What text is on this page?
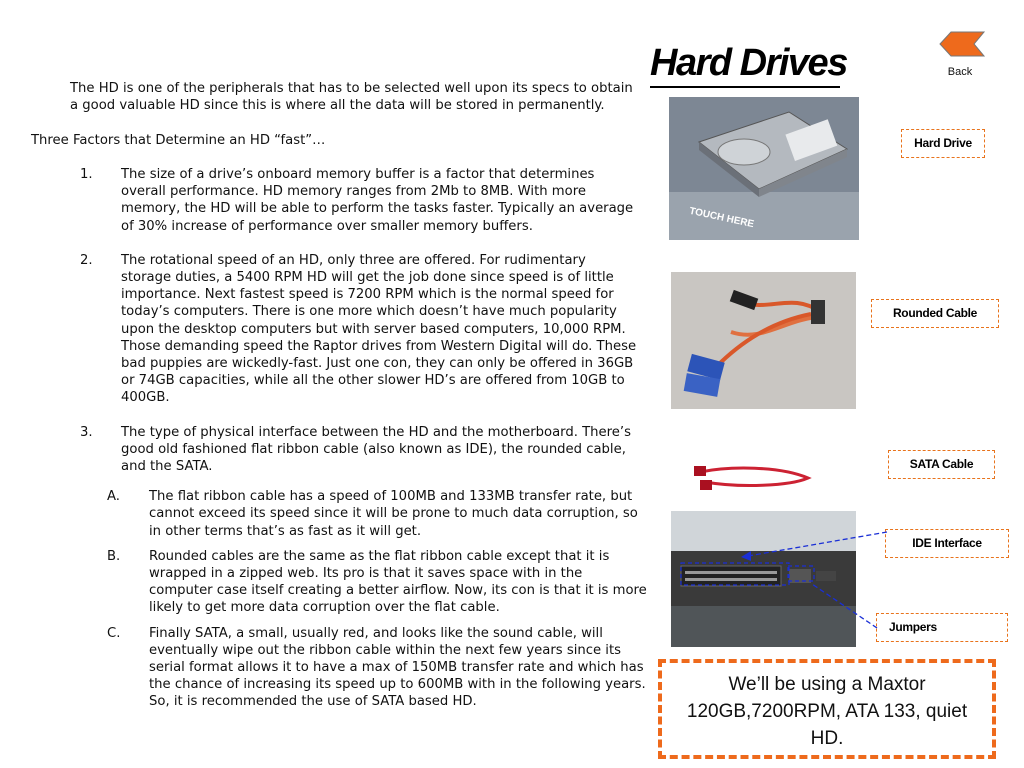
Hard Drives	Back
The HD is one of the peripherals that has to be selected well upon its specs to obtain a good valuable HD since this is where all the data will be stored in permanently.
Three Factors that Determine an HD “fast”…
1. The size of a drive’s onboard memory buffer is a factor that determines overall performance. HD memory ranges from 2Mb to 8MB. With more memory, the HD will be able to perform the tasks faster. Typically an average of 30% increase of performance over smaller memory buffers.
2. The rotational speed of an HD, only three are offered. For rudimentary storage duties, a 5400 RPM HD will get the job done since speed is of little importance. Next fastest speed is 7200 RPM which is the normal speed for today’s computers. There is one more which doesn’t have much popularity upon the desktop computers but with server based computers, 10,000 RPM. Those demanding speed the Raptor drives from Western Digital will do. These bad puppies are wickedly-fast. Just one con, they can only be offered in 36GB or 74GB capacities, while all the other slower HD’s are offered from 10GB to 400GB.
3. The type of physical interface between the HD and the motherboard. There’s good old fashioned flat ribbon cable (also known as IDE), the rounded cable, and the SATA.
A. The flat ribbon cable has a speed of 100MB and 133MB transfer rate, but cannot exceed its speed since it will be prone to much data corruption, so in other terms that’s as fast as it will get.
B. Rounded cables are the same as the flat ribbon cable except that it is wrapped in a zipped web. Its pro is that it saves space with in the computer case itself creating a better airflow. Now, its con is that it is more likely to get more data corruption over the flat cable.
C. Finally SATA, a small, usually red, and looks like the sound cable, will eventually wipe out the ribbon cable within the next few years since its serial format allows it to have a max of 150MB transfer rate and which has the chance of increasing its speed up to 600MB with in the following years. So, it is recommended the use of SATA based HD.
TOUCH HERE
Hard Drive
Rounded Cable
SATA Cable
IDE Interface
Jumpers
We’ll be using a Maxtor 120GB,7200RPM, ATA 133, quiet HD.
